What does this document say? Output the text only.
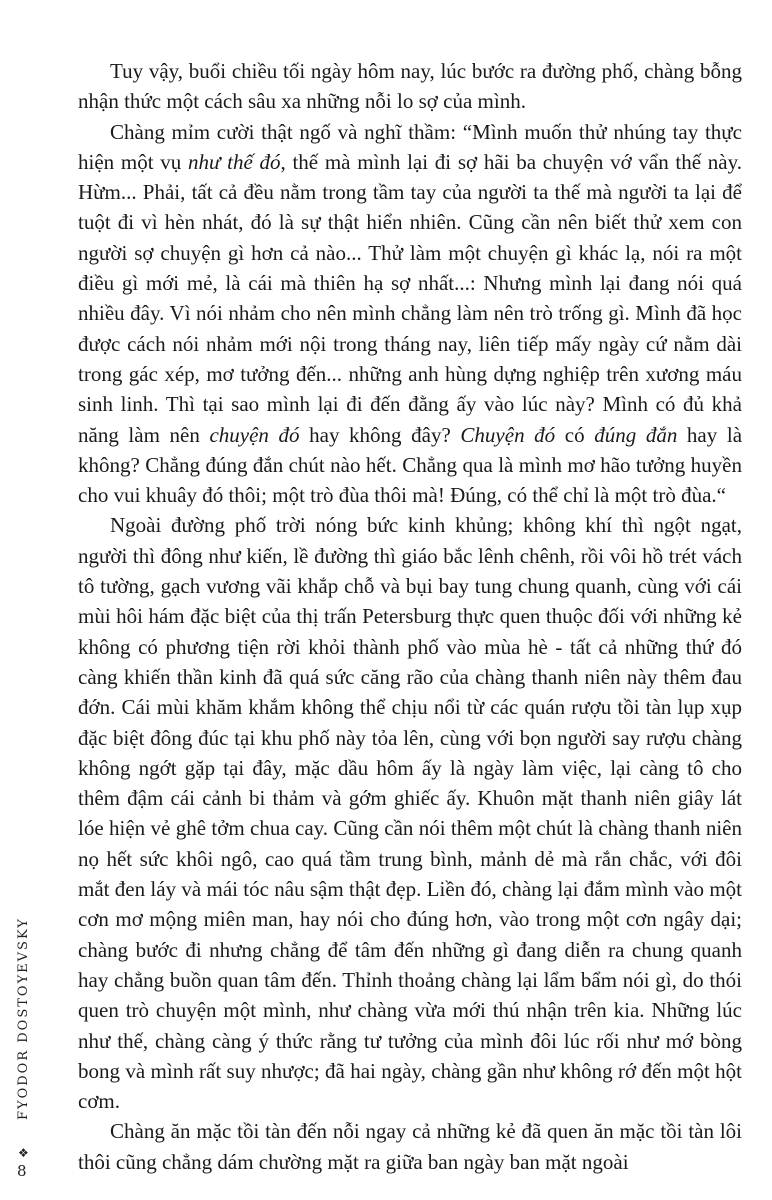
FYODOR DOSTOYEVSKY
❖
8

Tuy vậy, buổi chiều tối ngày hôm nay, lúc bước ra đường phố, chàng bỗng nhận thức một cách sâu xa những nỗi lo sợ của mình.

Chàng mỉm cười thật ngố và nghĩ thầm: “Mình muốn thử nhúng tay thực hiện một vụ như thế đó, thế mà mình lại đi sợ hãi ba chuyện vớ vẩn thế này. Hừm... Phải, tất cả đều nằm trong tầm tay của người ta thế mà người ta lại để tuột đi vì hèn nhát, đó là sự thật hiển nhiên. Cũng cần nên biết thử xem con người sợ chuyện gì hơn cả nào... Thử làm một chuyện gì khác lạ, nói ra một điều gì mới mẻ, là cái mà thiên hạ sợ nhất...: Nhưng mình lại đang nói quá nhiều đây. Vì nói nhảm cho nên mình chẳng làm nên trò trống gì. Mình đã học được cách nói nhảm mới nội trong tháng nay, liên tiếp mấy ngày cứ nằm dài trong gác xép, mơ tưởng đến... những anh hùng dựng nghiệp trên xương máu sinh linh. Thì tại sao mình lại đi đến đằng ấy vào lúc này? Mình có đủ khả năng làm nên chuyện đó hay không đây? Chuyện đó có đúng đắn hay là không? Chẳng đúng đắn chút nào hết. Chẳng qua là mình mơ hão tưởng huyền cho vui khuây đó thôi; một trò đùa thôi mà! Đúng, có thể chỉ là một trò đùa.“

Ngoài đường phố trời nóng bức kinh khủng; không khí thì ngột ngạt, người thì đông như kiến, lề đường thì giáo bắc lênh chênh, rồi vôi hồ trét vách tô tường, gạch vương vãi khắp chỗ và bụi bay tung chung quanh, cùng với cái mùi hôi hám đặc biệt của thị trấn Petersburg thực quen thuộc đối với những kẻ không có phương tiện rời khỏi thành phố vào mùa hè - tất cả những thứ đó càng khiến thần kinh đã quá sức căng rão của chàng thanh niên này thêm đau đớn. Cái mùi khăm khắm không thể chịu nổi từ các quán rượu tồi tàn lụp xụp đặc biệt đông đúc tại khu phố này tỏa lên, cùng với bọn người say rượu chàng không ngớt gặp tại đây, mặc dầu hôm ấy là ngày làm việc, lại càng tô cho thêm đậm cái cảnh bi thảm và gớm ghiếc ấy. Khuôn mặt thanh niên giây lát lóe hiện vẻ ghê tởm chua cay. Cũng cần nói thêm một chút là chàng thanh niên nọ hết sức khôi ngô, cao quá tầm trung bình, mảnh dẻ mà rắn chắc, với đôi mắt đen láy và mái tóc nâu sậm thật đẹp. Liền đó, chàng lại đắm mình vào một cơn mơ mộng miên man, hay nói cho đúng hơn, vào trong một cơn ngây dại; chàng bước đi nhưng chẳng để tâm đến những gì đang diễn ra chung quanh hay chẳng buồn quan tâm đến. Thỉnh thoảng chàng lại lẩm bẩm nói gì, do thói quen trò chuyện một mình, như chàng vừa mới thú nhận trên kia. Những lúc như thế, chàng càng ý thức rằng tư tưởng của mình đôi lúc rối như mớ bòng bong và mình rất suy nhược; đã hai ngày, chàng gần như không rớ đến một hột cơm.

Chàng ăn mặc tồi tàn đến nỗi ngay cả những kẻ đã quen ăn mặc tồi tàn lôi thôi cũng chẳng dám chường mặt ra giữa ban ngày ban mặt ngoài
